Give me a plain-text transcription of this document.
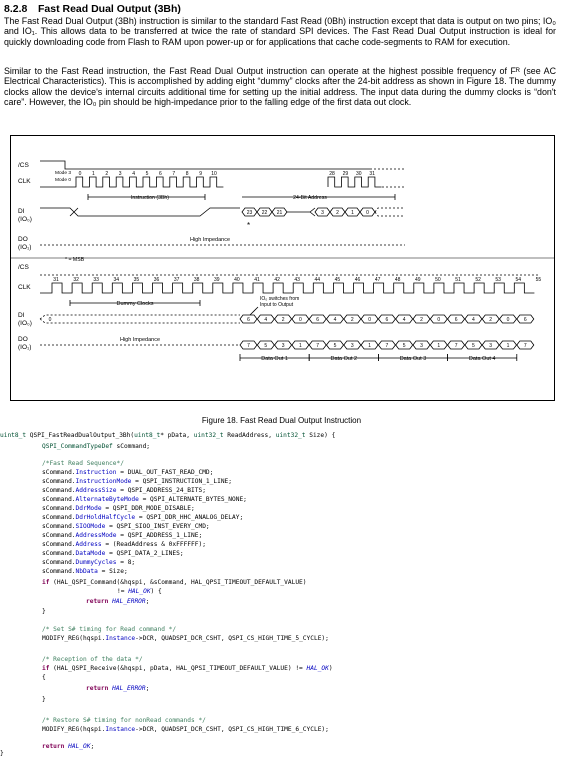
8.2.8 Fast Read Dual Output (3Bh)

The Fast Read Dual Output (3Bh) instruction is similar to the standard Fast Read (0Bh) instruction except that data is output on two pins; IO₀ and IO₁. This allows data to be transferred at twice the rate of standard SPI devices. The Fast Read Dual Output instruction is ideal for quickly downloading code from Flash to RAM upon power-up or for applications that cache code-segments to RAM for execution.

Similar to the Fast Read instruction, the Fast Read Dual Output instruction can operate at the highest possible frequency of Fᴿ (see AC Electrical Characteristics). This is accomplished by adding eight “dummy” clocks after the 24-bit address as shown in Figure 18. The dummy clocks allow the device's internal circuits additional time for setting up the initial address. The input data during the dummy clocks is “don't care”. However, the IO₀ pin should be high-impedance prior to the falling edge of the first data out clock.

/CS
CLK
DI
(IO₀)
DO
(IO₁)
/CS
CLK
DI
(IO₀)
DO
(IO₁)
Mode 3
Mode 0
0 1 2 3 4 5 6 7 8 9 10	28 29 30 31
Instruction (3Bh)	24-Bit Address
23 22 21	3 2 1 0
*
High Impedance
* = MSB
31	32	33	34	35	36	37	38	39	40	41	42	43	44	45	46	47	48	49	50	51	52	53	54	55
Dummy Clocks
IO₀ switches from
Input to Output
0	6	4	2	0	6	4	2	0	6	4	2	0	6	4	2	0	6
High Impedance
7	5	3	1	7	5	3	1	7	5	3	1	7	5	3	1	7
Data Out 1	Data Out 2	Data Out 3	Data Out 4

Figure 18. Fast Read Dual Output Instruction

uint8_t QSPI_FastReadDualOutput_3Bh(uint8_t* pData, uint32_t ReadAddress, uint32_t Size) {
QSPI_CommandTypeDef sCommand;
/*Fast Read Sequence*/
sCommand.Instruction = DUAL_OUT_FAST_READ_CMD;
sCommand.InstructionMode = QSPI_INSTRUCTION_1_LINE;
sCommand.AddressSize = QSPI_ADDRESS_24_BITS;
sCommand.AlternateByteMode = QSPI_ALTERNATE_BYTES_NONE;
sCommand.DdrMode = QSPI_DDR_MODE_DISABLE;
sCommand.DdrHoldHalfCycle = QSPI_DDR_HHC_ANALOG_DELAY;
sCommand.SIOOMode = QSPI_SIOO_INST_EVERY_CMD;
sCommand.AddressMode = QSPI_ADDRESS_1_LINE;
sCommand.Address = (ReadAddress & 0xFFFFFF);
sCommand.DataMode = QSPI_DATA_2_LINES;
sCommand.DummyCycles = 8;
sCommand.NbData = Size;
if (HAL_QSPI_Command(&hqspi, &sCommand, HAL_QPSI_TIMEOUT_DEFAULT_VALUE)
!= HAL_OK) {
return HAL_ERROR;
}
/* Set S# timing for Read command */
MODIFY_REG(hqspi.Instance->DCR, QUADSPI_DCR_CSHT, QSPI_CS_HIGH_TIME_5_CYCLE);
/* Reception of the data */
if (HAL_QSPI_Receive(&hqspi, pData, HAL_QPSI_TIMEOUT_DEFAULT_VALUE) != HAL_OK)
{
return HAL_ERROR;
}
/* Restore S# timing for nonRead commands */
MODIFY_REG(hqspi.Instance->DCR, QUADSPI_DCR_CSHT, QSPI_CS_HIGH_TIME_6_CYCLE);
return HAL_OK;
}
